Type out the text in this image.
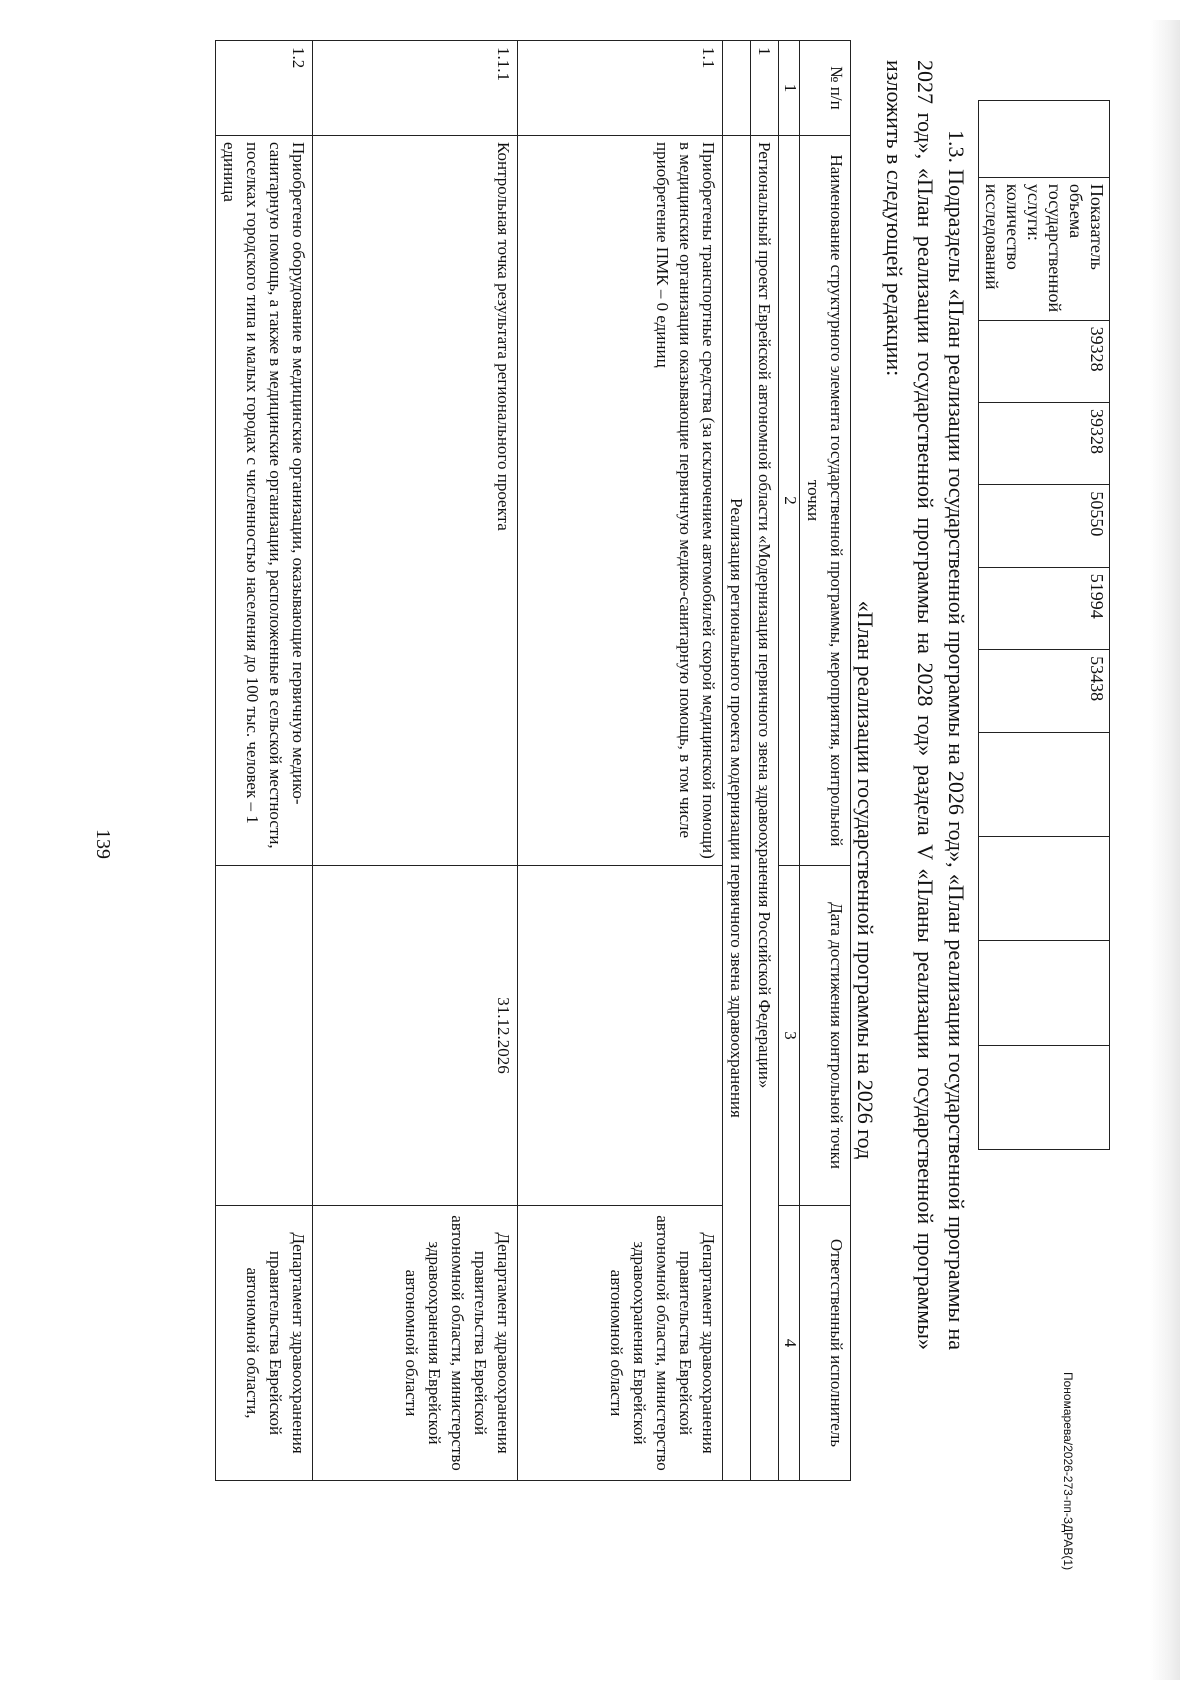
139
	Показатель объема государственной услуги: количество исследований	39328	39328	50550	51994	53438				

1.3. Подразделы «План реализации государственной программы на 2026 год», «План реализации государственной программы на 2027 год», «План реализации государственной программы на 2028 год» раздела V «Планы реализации государственной программы» изложить в следующей редакции:

«План реализации государственной программы на 2026 год
№ п/п	Наименование структурного элемента государственной программы, мероприятия, контрольной точки	Дата достижения контрольной точки	Ответственный исполнитель
1	2	3	4
1	Региональный проект Еврейской автономной области «Модернизация первичного звена здравоохранения Российской Федерации»		
	Реализация регионального проекта модернизации первичного звена здравоохранения		
1.1	Приобретены транспортные средства (за исключением автомобилей скорой медицинской помощи) в медицинские организации оказывающие первичную медико-санитарную помощь, в том числе приобретение ПМК – 0 единиц		Департамент здравоохранения правительства Еврейской автономной области, министерство здравоохранения Еврейской автономной области
1.1.1	Контрольная точка результата регионального проекта	31.12.2026	Департамент здравоохранения правительства Еврейской автономной области, министерство здравоохранения Еврейской автономной области
1.2	Приобретено оборудование в медицинские организации, оказывающие первичную медико-санитарную помощь, а также в медицинские организации, расположенные в сельской местности, поселках городского типа и малых городах с численностью населения до 100 тыс. человек – 1 единица		Департамент здравоохранения правительства Еврейской автономной области,
Пономарева/2026-273-пп-ЗДРАВ(1)
